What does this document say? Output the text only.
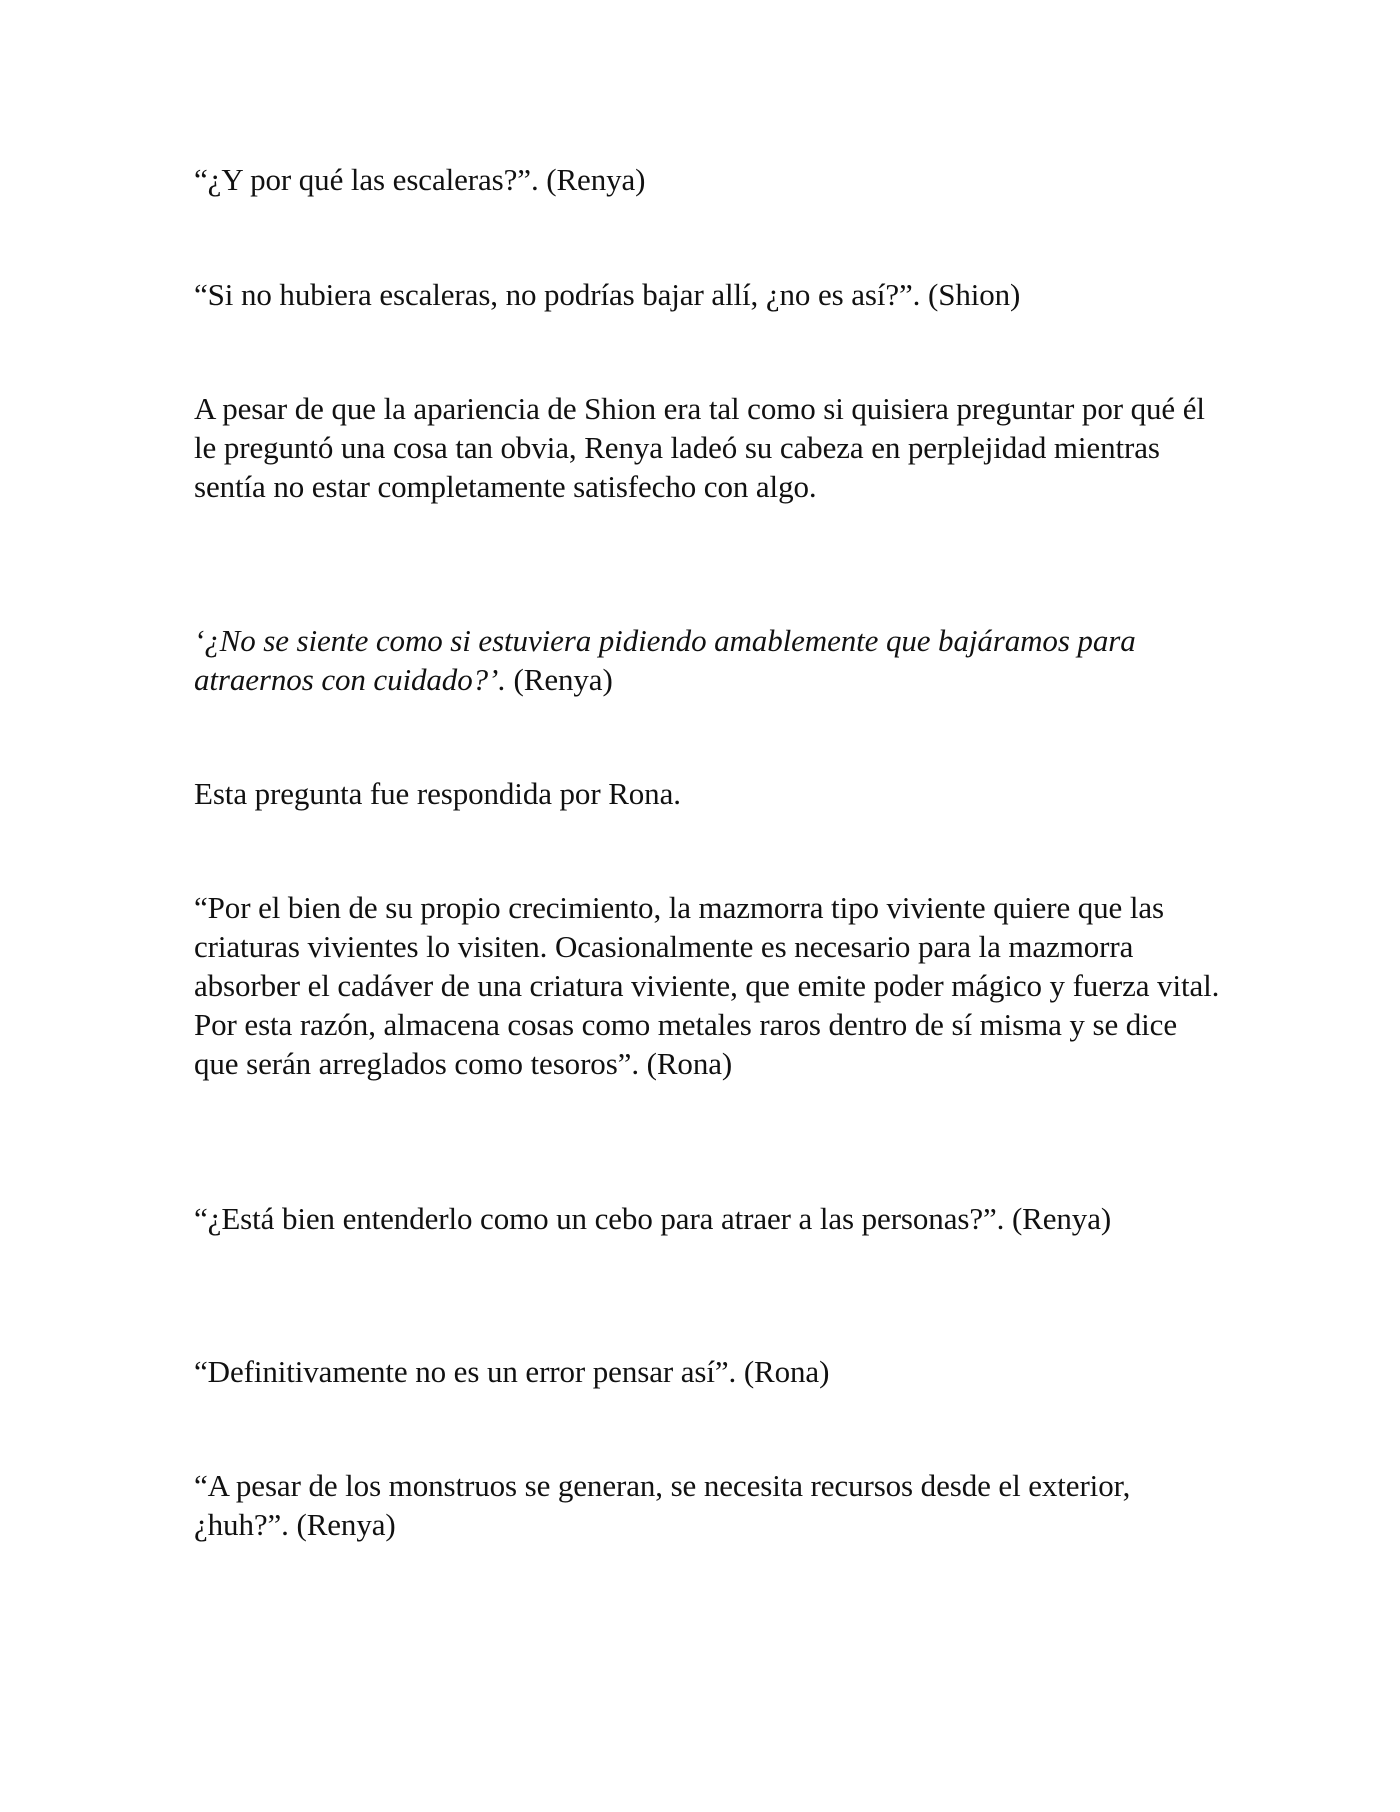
“¿Y por qué las escaleras?”. (Renya)

“Si no hubiera escaleras, no podrías bajar allí, ¿no es así?”. (Shion)

A pesar de que la apariencia de Shion era tal como si quisiera preguntar por qué él le preguntó una cosa tan obvia, Renya ladeó su cabeza en perplejidad mientras sentía no estar completamente satisfecho con algo.

‘¿No se siente como si estuviera pidiendo amablemente que bajáramos para atraernos con cuidado?’. (Renya)

Esta pregunta fue respondida por Rona.

“Por el bien de su propio crecimiento, la mazmorra tipo viviente quiere que las criaturas vivientes lo visiten. Ocasionalmente es necesario para la mazmorra absorber el cadáver de una criatura viviente, que emite poder mágico y fuerza vital. Por esta razón, almacena cosas como metales raros dentro de sí misma y se dice que serán arreglados como tesoros”. (Rona)

“¿Está bien entenderlo como un cebo para atraer a las personas?”. (Renya)

“Definitivamente no es un error pensar así”. (Rona)

“A pesar de los monstruos se generan, se necesita recursos desde el exterior, ¿huh?”. (Renya)
